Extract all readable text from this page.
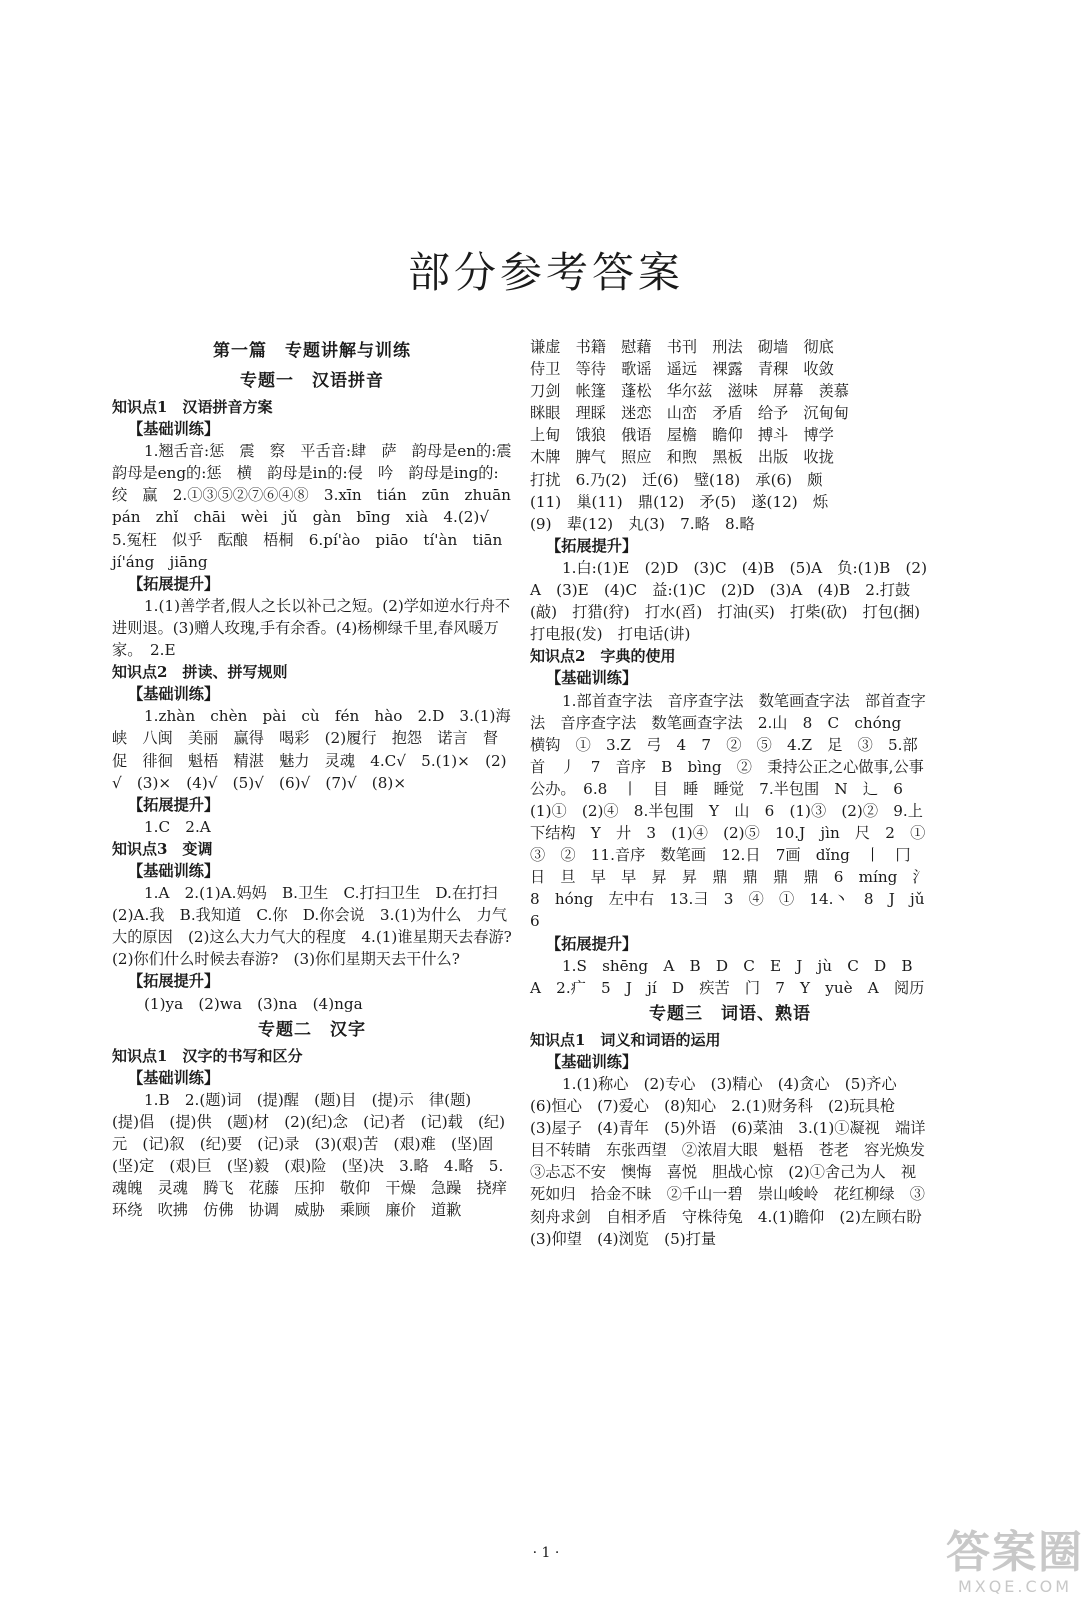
部分参考答案
第一篇　专题讲解与训练
专题一　汉语拼音
知识点1　汉语拼音方案
【基础训练】

1.翘舌音:惩　震　察　平舌音:肆　萨　韵母是en的:震　韵母是eng的:惩　横　韵母是in的:侵　吟　韵母是ing的:绞　赢　2.①③⑤②⑦⑥④⑧　3.xīn　tián　zūn　zhuān　pán　zhǐ　chāi　wèi　jǔ　gàn　bīng　xià　4.(2)√　5.冤枉　似乎　酝酿　梧桐　6.pí'ào　piāo　tí'àn　tiān　jí'áng　jiāng

【拓展提升】

1.(1)善学者,假人之长以补己之短。(2)学如逆水行舟不进则退。(3)赠人玫瑰,手有余香。(4)杨柳绿千里,春风暖万家。　2.E

知识点2　拼读、拼写规则
【基础训练】

1.zhàn　chèn　pài　cù　fén　hào　2.D　3.(1)海峡　八闽　美丽　赢得　喝彩　(2)履行　抱怨　诺言　督促　徘徊　魁梧　精湛　魅力　灵魂　4.C√　5.(1)×　(2)√　(3)×　(4)√　(5)√　(6)√　(7)√　(8)×

【拓展提升】

1.C　2.A

知识点3　变调
【基础训练】

1.A　2.(1)A.妈妈　B.卫生　C.打扫卫生　D.在打扫　(2)A.我　B.我知道　C.你　D.你会说　3.(1)为什么　力气大的原因　(2)这么大力气大的程度　4.(1)谁星期天去春游?　(2)你们什么时候去春游?　(3)你们星期天去干什么?

【拓展提升】

(1)ya　(2)wa　(3)na　(4)nga

专题二　汉字
知识点1　汉字的书写和区分
【基础训练】

1.B　2.(题)词　(提)醒　(题)目　(提)示　律(题)　(提)倡　(提)供　(题)材　(2)(纪)念　(记)者　(记)载　(纪)元　(记)叙　(纪)要　(记)录　(3)(艰)苦　(艰)难　(坚)固　(坚)定　(艰)巨　(坚)毅　(艰)险　(坚)决　3.略　4.略　5.魂魄　灵魂　腾飞　花藤　压抑　敬仰　干燥　急躁　挠痒　环绕　吹拂　仿佛　协调　威胁　乘顾　廉价　道歉

谦虚　书籍　慰藉　书刊　刑法　砌墙　彻底
侍卫　等待　歌谣　遥远　裸露　青稞　收敛
刀剑　帐篷　蓬松　华尔兹　滋味　屏幕　羡慕
眯眼　理睬　迷恋　山峦　矛盾　给予　沉甸甸
上甸　饿狼　俄语　屋檐　瞻仰　搏斗　博学
木牌　脾气　照应　和煦　黑板　出版　收拢
打扰　6.乃(2)　迁(6)　璧(18)　承(6)　颇
(11)　巢(11)　鼎(12)　矛(5)　遂(12)　烁
(9)　辈(12)　丸(3)　7.略　8.略
【拓展提升】

1.白:(1)E　(2)D　(3)C　(4)B　(5)A　负:(1)B　(2)A　(3)E　(4)C　益:(1)C　(2)D　(3)A　(4)B　2.打鼓(敲)　打猎(狩)　打水(舀)　打油(买)　打柴(砍)　打包(捆)　打电报(发)　打电话(讲)

知识点2　字典的使用
【基础训练】

1.部首查字法　音序查字法　数笔画查字法　部首查字法　音序查字法　数笔画查字法　2.山　8　C　chóng　横钩　①　3.Z　弓　4　7　②　⑤　4.Z　足　③　5.部首　丿　7　音序　B　bìng　②　秉持公正之心做事,公事公办。　6.8　丨　目　睡　睡觉　7.半包围　N　辶　6　(1)①　(2)④　8.半包围　Y　山　6　(1)③　(2)②　9.上下结构　Y　廾　3　(1)④　(2)⑤　10.J　jìn　尺　2　①　③　②　11.音序　数笔画　12.日　7画　dǐng　丨　冂　日　旦　早　早　昇　昇　鼎　鼎　鼎　鼎　6　míng　氵　8　hóng　左中右　13.彐　3　④　①　14.丶　8　J　jǔ　6

【拓展提升】

1.S　shēng　A　B　D　C　E　J　jù　C　D　B　A　2.疒　5　J　jí　D　疾苦　门　7　Y　yuè　A　阅历

专题三　词语、熟语
知识点1　词义和词语的运用
【基础训练】

1.(1)称心　(2)专心　(3)精心　(4)贪心　(5)齐心　(6)恒心　(7)爱心　(8)知心　2.(1)财务科　(2)玩具枪　(3)屋子　(4)青年　(5)外语　(6)菜油　3.(1)①凝视　端详　目不转睛　东张西望　②浓眉大眼　魁梧　苍老　容光焕发　③忐忑不安　懊悔　喜悦　胆战心惊　(2)①舍己为人　视死如归　拾金不昧　②千山一碧　崇山峻岭　花红柳绿　③刻舟求剑　自相矛盾　守株待兔　4.(1)瞻仰　(2)左顾右盼　(3)仰望　(4)浏览　(5)打量

· 1 ·	答案圈
MXQE.COM
